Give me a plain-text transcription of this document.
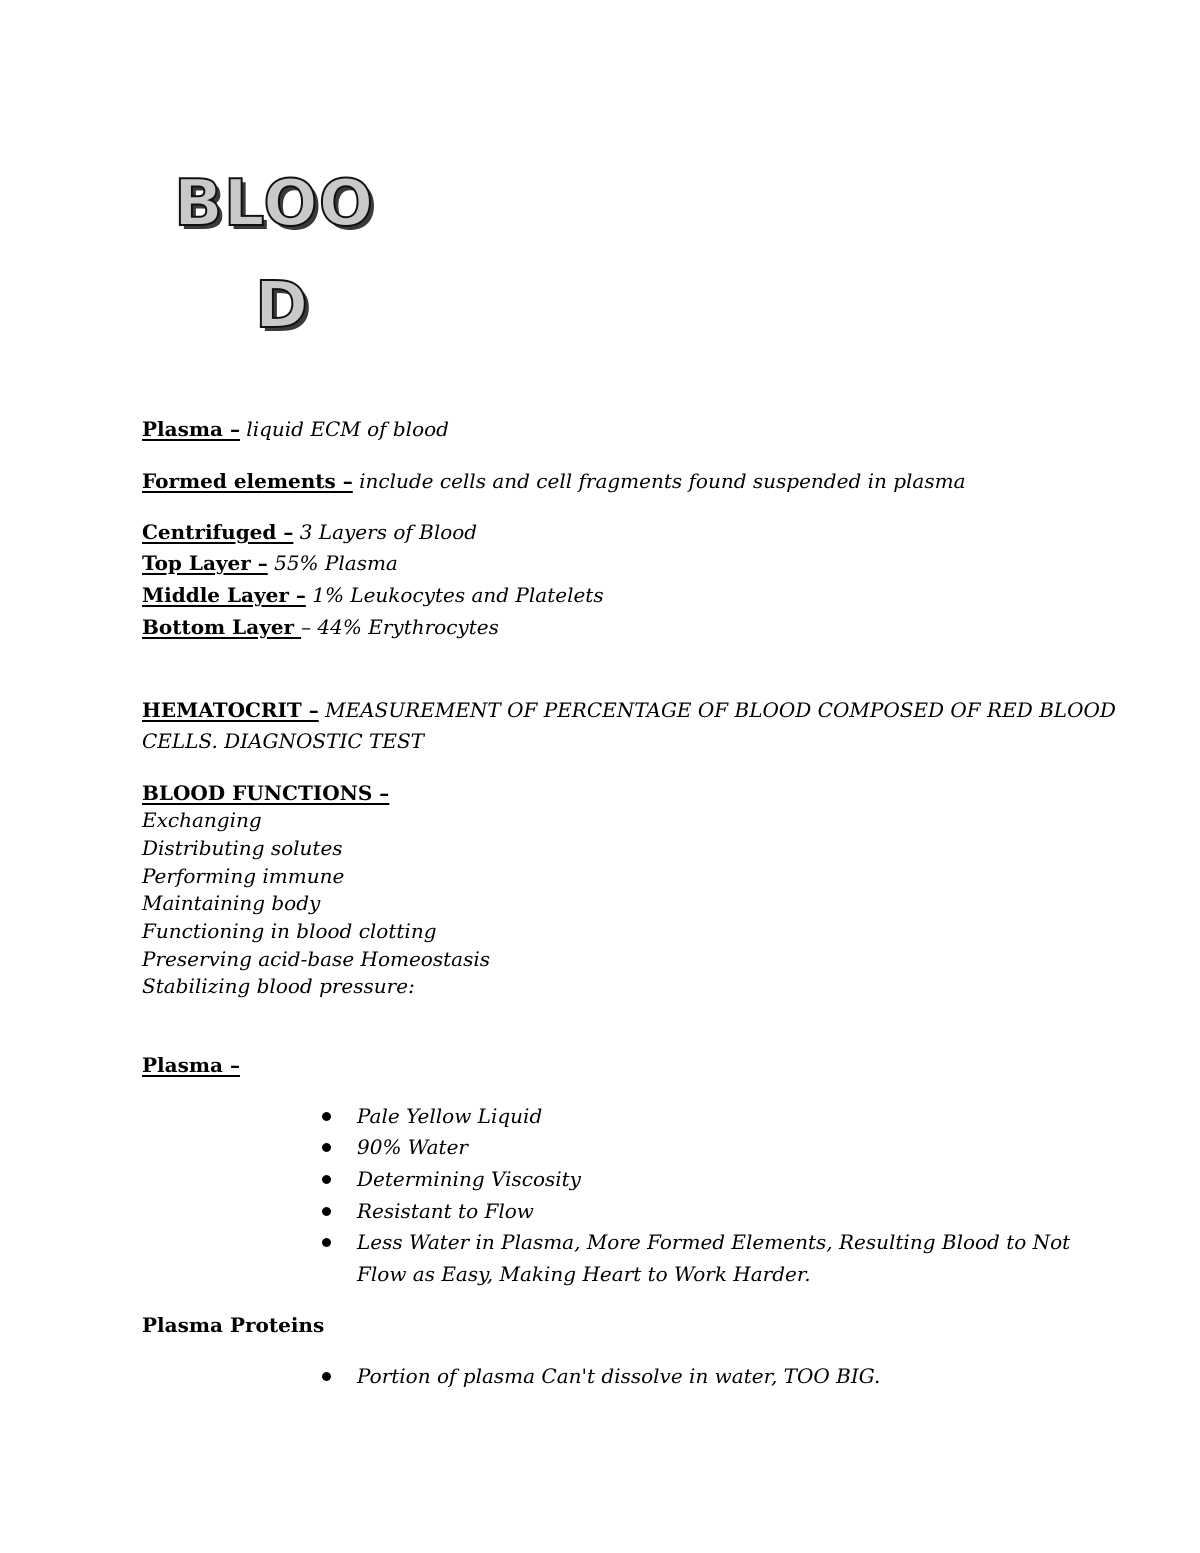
BLOO
D
Plasma – liquid ECM of blood
Formed elements – include cells and cell fragments found suspended in plasma
Centrifuged – 3 Layers of Blood
Top Layer – 55% Plasma
Middle Layer – 1% Leukocytes and Platelets
Bottom Layer – 44% Erythrocytes
HEMATOCRIT – MEASUREMENT OF PERCENTAGE OF BLOOD COMPOSED OF RED BLOOD
CELLS. DIAGNOSTIC TEST
BLOOD FUNCTIONS –
Exchanging
Distributing solutes
Performing immune
Maintaining body
Functioning in blood clotting
Preserving acid-base Homeostasis
Stabilizing blood pressure:
Plasma –
Pale Yellow Liquid
90% Water
Determining Viscosity
Resistant to Flow
Less Water in Plasma, More Formed Elements, Resulting Blood to Not
Flow as Easy, Making Heart to Work Harder.
Plasma Proteins
Portion of plasma Can't dissolve in water, TOO BIG.
